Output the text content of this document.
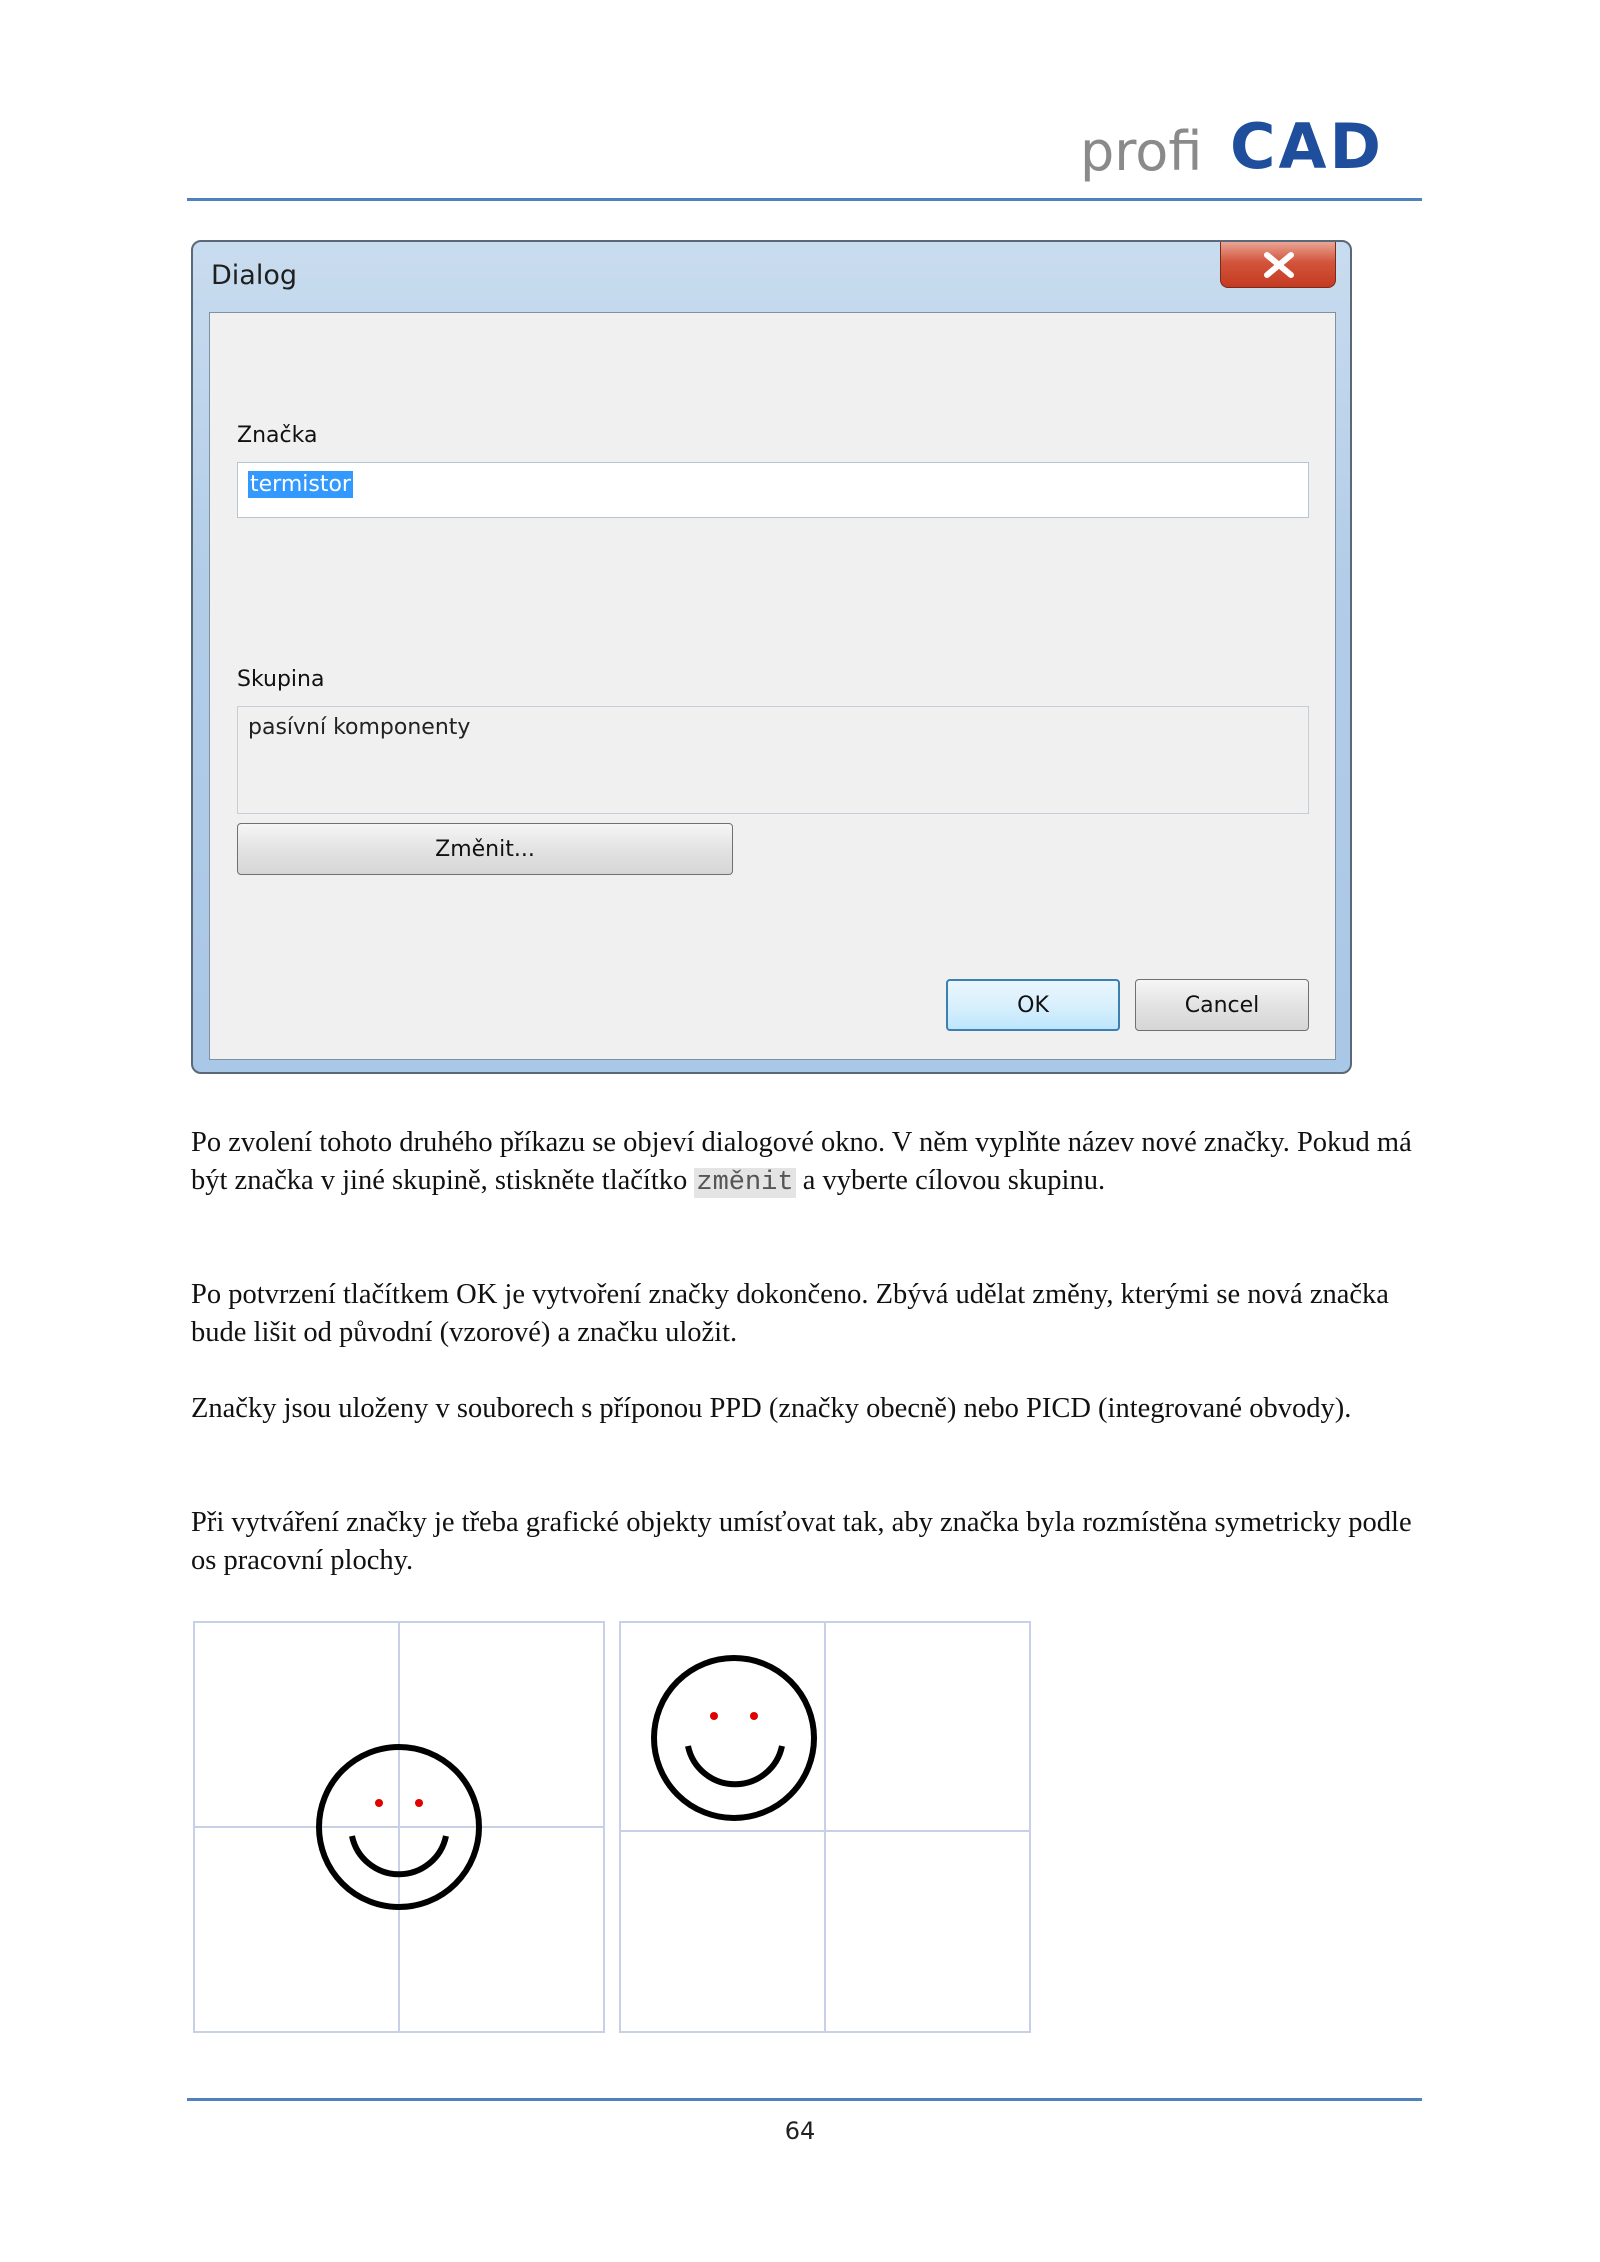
profi CAD
Dialog
Značka
termistor
Skupina
pasívní komponenty
Změnit...
OK	Cancel

Po zvolení tohoto druhého příkazu se objeví dialogové okno. V něm vyplňte název nové značky. Pokud má být značka v jiné skupině, stiskněte tlačítko změnit a vyberte cílovou skupinu.

Po potvrzení tlačítkem OK je vytvoření značky dokončeno. Zbývá udělat změny, kterými se nová značka bude lišit od původní (vzorové) a značku uložit.

Značky jsou uloženy v souborech s příponou PPD (značky obecně) nebo PICD (integrované obvody).

Při vytváření značky je třeba grafické objekty umísťovat tak, aby značka byla rozmístěna symetricky podle os pracovní plochy.

64
